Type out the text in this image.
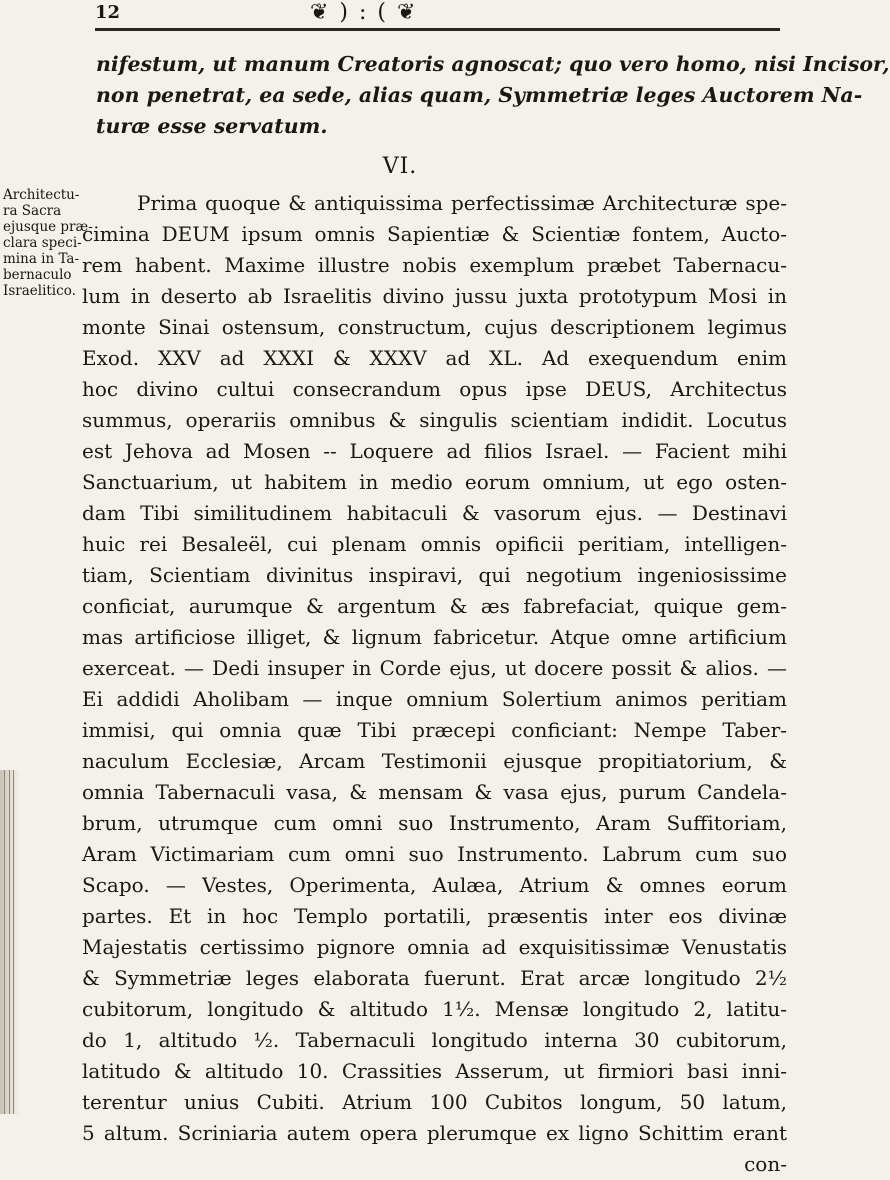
12	❦ ) : ( ❦
nifestum, ut manum Creatoris agnoscat; quo vero homo, nisi Incisor,
non penetrat, ea sede, alias quam, Symmetriæ leges Auctorem Na-
turæ esse servatum.
VI.
Architectu-
ra Sacra
ejusque præ-
clara speci-
mina in Ta-
bernaculo
Israelitico.
Prima quoque & antiquissima perfectissimæ Architecturæ spe-
cimina DEUM ipsum omnis Sapientiæ & Scientiæ fontem, Aucto-
rem habent. Maxime illustre nobis exemplum præbet Tabernacu-
lum in deserto ab Israelitis divino jussu juxta prototypum Mosi in
monte Sinai ostensum, constructum, cujus descriptionem legimus
Exod. XXV ad XXXI & XXXV ad XL. Ad exequendum enim
hoc divino cultui consecrandum opus ipse DEUS, Architectus
summus, operariis omnibus & singulis scientiam indidit. Locutus
est Jehova ad Mosen -- Loquere ad filios Israel. — Facient mihi
Sanctuarium, ut habitem in medio eorum omnium, ut ego osten-
dam Tibi similitudinem habitaculi & vasorum ejus. — Destinavi
huic rei Besaleël, cui plenam omnis opificii peritiam, intelligen-
tiam, Scientiam divinitus inspiravi, qui negotium ingeniosissime
conficiat, aurumque & argentum & æs fabrefaciat, quique gem-
mas artificiose illiget, & lignum fabricetur. Atque omne artificium
exerceat. — Dedi insuper in Corde ejus, ut docere possit & alios. —
Ei addidi Aholibam — inque omnium Solertium animos peritiam
immisi, qui omnia quæ Tibi præcepi conficiant: Nempe Taber-
naculum Ecclesiæ, Arcam Testimonii ejusque propitiatorium, &
omnia Tabernaculi vasa, & mensam & vasa ejus, purum Candela-
brum, utrumque cum omni suo Instrumento, Aram Suffitoriam,
Aram Victimariam cum omni suo Instrumento. Labrum cum suo
Scapo. — Vestes, Operimenta, Aulæa, Atrium & omnes eorum
partes. Et in hoc Templo portatili, præsentis inter eos divinæ
Majestatis certissimo pignore omnia ad exquisitissimæ Venustatis
& Symmetriæ leges elaborata fuerunt. Erat arcæ longitudo 2½
cubitorum, longitudo & altitudo 1½. Mensæ longitudo 2, latitu-
do 1, altitudo ½. Tabernaculi longitudo interna 30 cubitorum,
latitudo & altitudo 10. Crassities Asserum, ut firmiori basi inni-
terentur unius Cubiti. Atrium 100 Cubitos longum, 50 latum,
5 altum. Scriniaria autem opera plerumque ex ligno Schittim erant
con-
